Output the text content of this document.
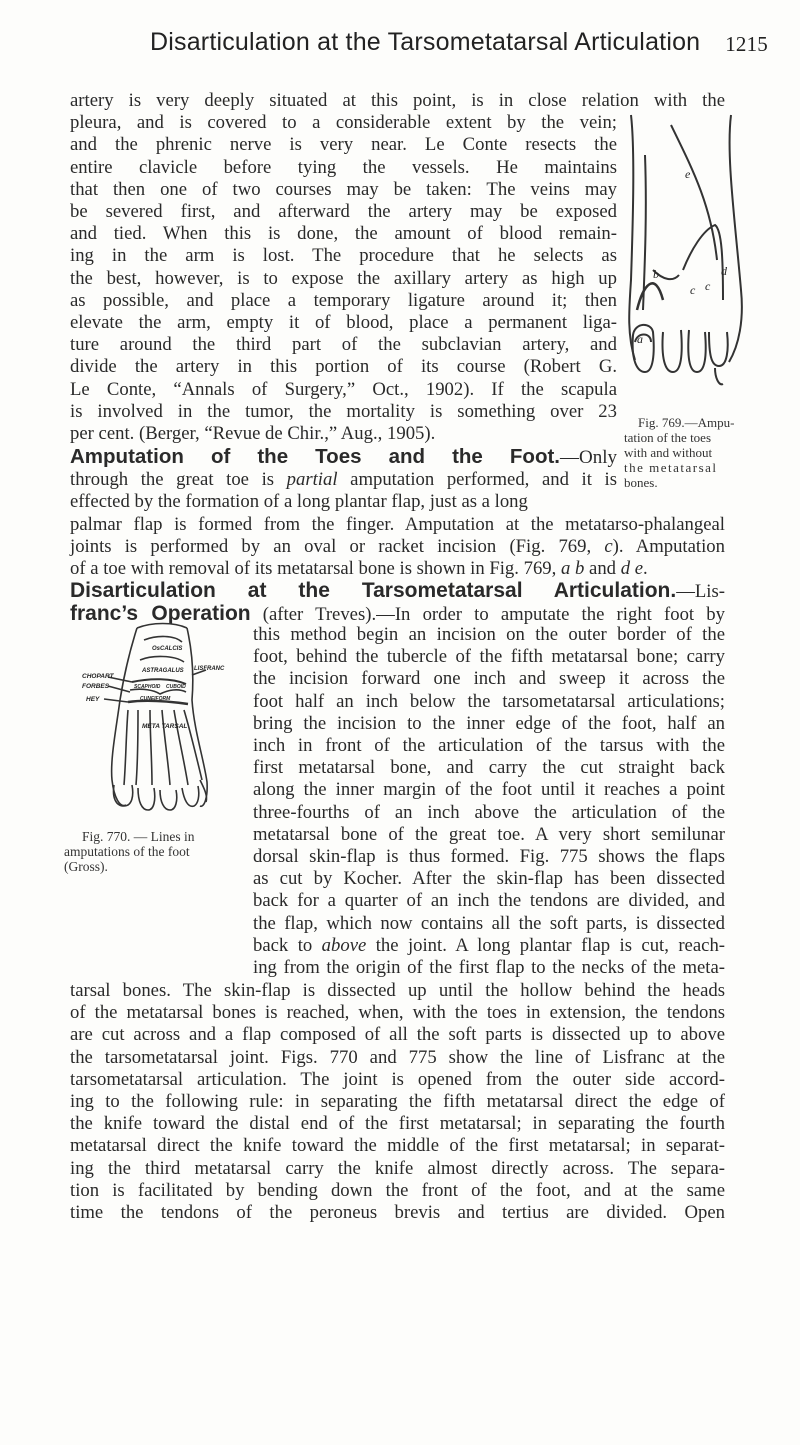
Disarticulation at the Tarsometatarsal Articulation 1215
artery is very deeply situated at this point, is in close relation with the
pleura, and is covered to a considerable extent by the vein;
and the phrenic nerve is very near. Le Conte resects the
entire clavicle before tying the vessels. He maintains
that then one of two courses may be taken: The veins may
be severed first, and afterward the artery may be exposed
and tied. When this is done, the amount of blood remain-
ing in the arm is lost. The procedure that he selects as
the best, however, is to expose the axillary artery as high up
as possible, and place a temporary ligature around it; then
elevate the arm, empty it of blood, place a permanent liga-
ture around the third part of the subclavian artery, and
divide the artery in this portion of its course (Robert G.
Le Conte, “Annals of Surgery,” Oct., 1902). If the scapula
is involved in the tumor, the mortality is something over 23
per cent. (Berger, “Revue de Chir.,” Aug., 1905).
Amputation of the Toes and the Foot.—Only
through the great toe is partial amputation performed, and it is
effected by the formation of a long plantar flap, just as a long
palmar flap is formed from the finger. Amputation at the metatarso-phalangeal
joints is performed by an oval or racket incision (Fig. 769, c). Amputation
of a toe with removal of its metatarsal bone is shown in Fig. 769, a b and d e.
Disarticulation at the Tarsometatarsal Articulation.—Lis-
franc’s Operation (after Treves).—In order to amputate the right foot by
this method begin an incision on the outer border of the
foot, behind the tubercle of the fifth metatarsal bone; carry
the incision forward one inch and sweep it across the
foot half an inch below the tarsometatarsal articulations;
bring the incision to the inner edge of the foot, half an
inch in front of the articulation of the tarsus with the
first metatarsal bone, and carry the cut straight back
along the inner margin of the foot until it reaches a point
three-fourths of an inch above the articulation of the
metatarsal bone of the great toe. A very short semilunar
dorsal skin-flap is thus formed. Fig. 775 shows the flaps
as cut by Kocher. After the skin-flap has been dissected
back for a quarter of an inch the tendons are divided, and
the flap, which now contains all the soft parts, is dissected
back to above the joint. A long plantar flap is cut, reach-
ing from the origin of the first flap to the necks of the meta-
tarsal bones. The skin-flap is dissected up until the hollow behind the heads
of the metatarsal bones is reached, when, with the toes in extension, the tendons
are cut across and a flap composed of all the soft parts is dissected up to above
the tarsometatarsal joint. Figs. 770 and 775 show the line of Lisfranc at the
tarsometatarsal articulation. The joint is opened from the outer side accord-
ing to the following rule: in separating the fifth metatarsal direct the edge of
the knife toward the distal end of the first metatarsal; in separating the fourth
metatarsal direct the knife toward the middle of the first metatarsal; in separat-
ing the third metatarsal carry the knife almost directly across. The separa-
tion is facilitated by bending down the front of the foot, and at the same
time the tendons of the peroneus brevis and tertius are divided. Open
e
b	d
c c
a
Fig. 769.—Ampu-
tation of the toes
with and without
the metatarsal
bones.
OsCALCIS
ASTRAGALUS
CHOPART
FORBES
LISFRANC
SCAPHOID CUBOID
HEY	CUNEIFORM
META TARSAL
Fig. 770. — Lines in
amputations of the foot
(Gross).
